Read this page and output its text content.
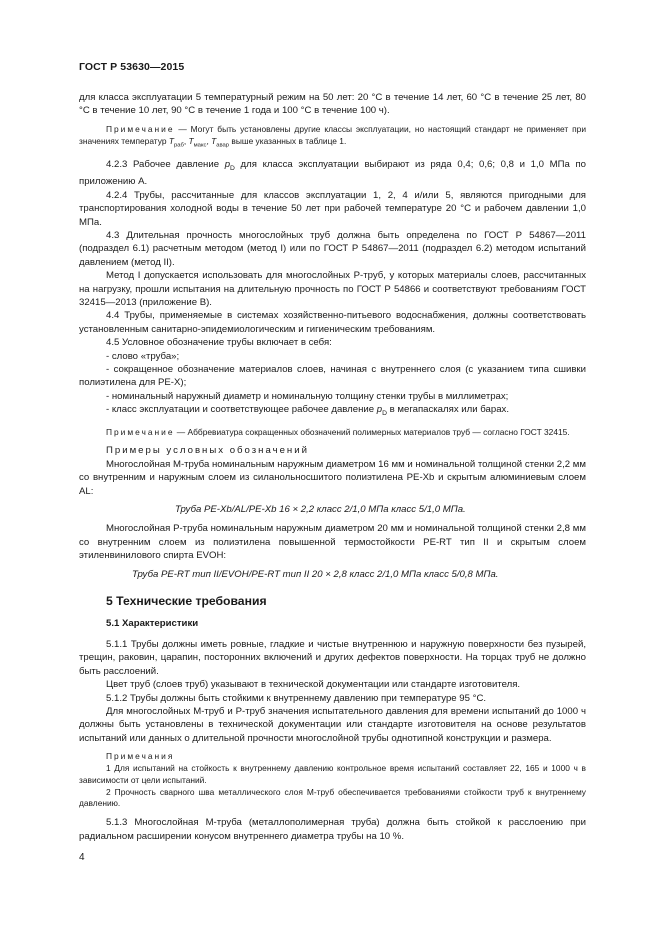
ГОСТ Р 53630—2015

для класса эксплуатации 5 температурный режим на 50 лет: 20 °С в течение 14 лет, 60 °С в течение 25 лет, 80 °С в течение 10 лет, 90 °С в течение 1 года и 100 °С в течение 100 ч).

Примечание — Могут быть установлены другие классы эксплуатации, но настоящий стандарт не применяет при значениях температур $T_{раб}$, $T_{макс}$, $T_{авар}$ выше указанных в таблице 1.

4.2.3 Рабочее давление $p_D$ для класса эксплуатации выбирают из ряда 0,4; 0,6; 0,8 и 1,0 МПа по приложению А.

4.2.4 Трубы, рассчитанные для классов эксплуатации 1, 2, 4 и/или 5, являются пригодными для транспортирования холодной воды в течение 50 лет при рабочей температуре 20 °С и рабочем давлении 1,0 МПа.

4.3 Длительная прочность многослойных труб должна быть определена по ГОСТ Р 54867—2011 (подраздел 6.1) расчетным методом (метод I) или по ГОСТ Р 54867—2011 (подраздел 6.2) методом испытаний давлением (метод II).

Метод I допускается использовать для многослойных Р-труб, у которых материалы слоев, рассчитанных на нагрузку, прошли испытания на длительную прочность по ГОСТ Р 54866 и соответствуют требованиям ГОСТ 32415—2013 (приложение В).

4.4 Трубы, применяемые в системах хозяйственно-питьевого водоснабжения, должны соответствовать установленным санитарно-эпидемиологическим и гигиеническим требованиям.

4.5 Условное обозначение трубы включает в себя:

- слово «труба»;

- сокращенное обозначение материалов слоев, начиная с внутреннего слоя (с указанием типа сшивки полиэтилена для РЕ-Х);

- номинальный наружный диаметр и номинальную толщину стенки трубы в миллиметрах;

- класс эксплуатации и соответствующее рабочее давление $p_D$ в мегапаскалях или барах.

Примечание — Аббревиатура сокращенных обозначений полимерных материалов труб — согласно ГОСТ 32415.

Примеры условных обозначений

Многослойная М-труба номинальным наружным диаметром 16 мм и номинальной толщиной стенки 2,2 мм со внутренним и наружным слоем из силанольносшитого полиэтилена РЕ-Xb и скрытым алюминиевым слоем AL:

Труба PE-Xb/AL/PE-Xb 16 × 2,2 класс 2/1,0 МПа класс 5/1,0 МПа.

Многослойная Р-труба номинальным наружным диаметром 20 мм и номинальной толщиной стенки 2,8 мм со внутренним слоем из полиэтилена повышенной термостойкости РЕ-RT тип II и скрытым слоем этиленвинилового спирта EVOH:

Труба PE-RT тип II/EVOH/PE-RT тип II 20 × 2,8 класс 2/1,0 МПа класс 5/0,8 МПа.

5 Технические требования

5.1 Характеристики

5.1.1 Трубы должны иметь ровные, гладкие и чистые внутреннюю и наружную поверхности без пузырей, трещин, раковин, царапин, посторонних включений и других дефектов поверхности. На торцах труб не должно быть расслоений.

Цвет труб (слоев труб) указывают в технической документации или стандарте изготовителя.

5.1.2 Трубы должны быть стойкими к внутреннему давлению при температуре 95 °С.

Для многослойных М-труб и Р-труб значения испытательного давления для времени испытаний до 1000 ч должны быть установлены в технической документации или стандарте изготовителя на основе результатов испытаний или данных о длительной прочности многослойной трубы однотипной конструкции и размера.

Примечания

1 Для испытаний на стойкость к внутреннему давлению контрольное время испытаний составляет 22, 165 и 1000 ч в зависимости от цели испытаний.

2 Прочность сварного шва металлического слоя М-труб обеспечивается требованиями стойкости труб к внутреннему давлению.

5.1.3 Многослойная М-труба (металлополимерная труба) должна быть стойкой к расслоению при радиальном расширении конусом внутреннего диаметра трубы на 10 %.

4
